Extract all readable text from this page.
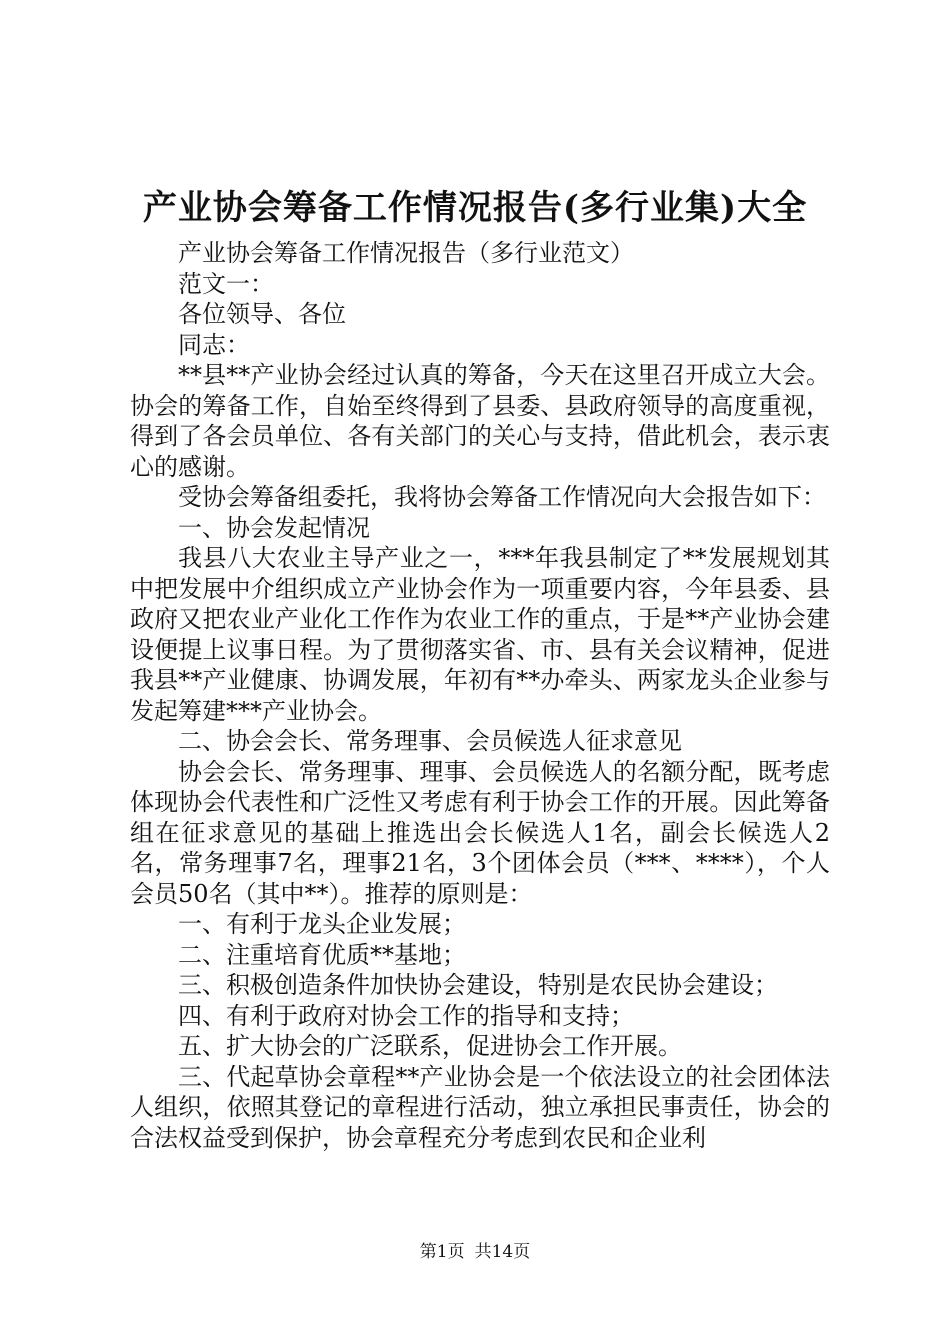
产业协会筹备工作情况报告(多行业集)大全

产业协会筹备工作情况报告（多行业范文）

范文一：

各位领导、各位

同志：

**县**产业协会经过认真的筹备，今天在这里召开成立大会。协会的筹备工作，自始至终得到了县委、县政府领导的高度重视，得到了各会员单位、各有关部门的关心与支持，借此机会，表示衷心的感谢。

受协会筹备组委托，我将协会筹备工作情况向大会报告如下：

一、协会发起情况

我县八大农业主导产业之一，***年我县制定了**发展规划其中把发展中介组织成立产业协会作为一项重要内容，今年县委、县政府又把农业产业化工作作为农业工作的重点，于是**产业协会建设便提上议事日程。为了贯彻落实省、市、县有关会议精神，促进我县**产业健康、协调发展，年初有**办牵头、两家龙头企业参与发起筹建***产业协会。

二、协会会长、常务理事、会员候选人征求意见

协会会长、常务理事、理事、会员候选人的名额分配，既考虑体现协会代表性和广泛性又考虑有利于协会工作的开展。因此筹备组在征求意见的基础上推选出会长候选人1名，副会长候选人2名，常务理事7名，理事21名，3个团体会员（***、****），个人会员50名（其中**）。推荐的原则是：

一、有利于龙头企业发展；

二、注重培育优质**基地；

三、积极创造条件加快协会建设，特别是农民协会建设；

四、有利于政府对协会工作的指导和支持；

五、扩大协会的广泛联系，促进协会工作开展。

三、代起草协会章程**产业协会是一个依法设立的社会团体法人组织，依照其登记的章程进行活动，独立承担民事责任，协会的合法权益受到保护，协会章程充分考虑到农民和企业利

第1页 共14页
